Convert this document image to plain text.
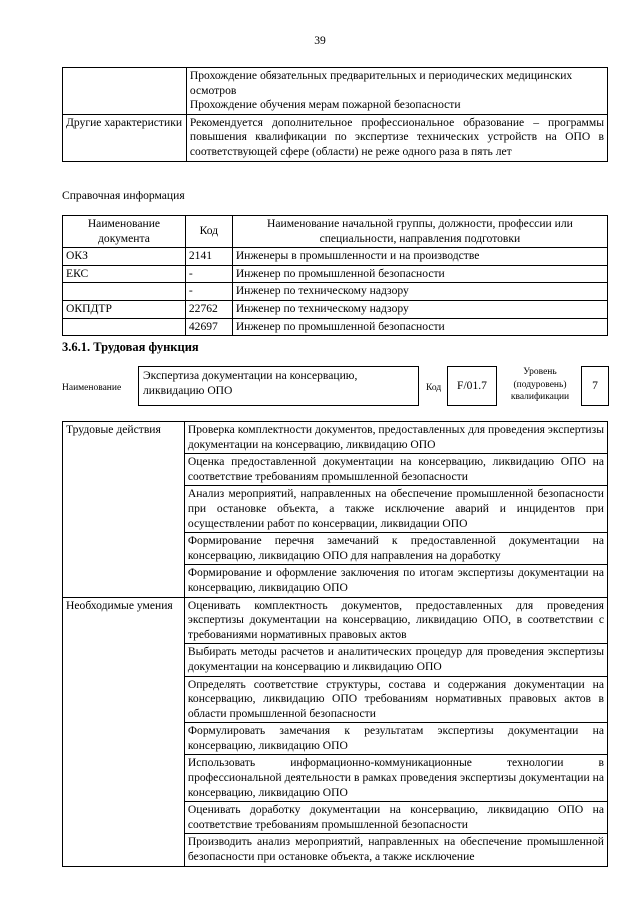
39

	Прохождение обязательных предварительных и периодических медицинских осмотров
Прохождение обучения мерам пожарной безопасности

Другие характеристики	Рекомендуется дополнительное профессиональное образование – программы повышения квалификации по экспертизе технических устройств на ОПО в соответствующей сфере (области) не реже одного раза в пять лет
Справочная информация
Наименование документа	Код	Наименование начальной группы, должности, профессии или специальности, направления подготовки
ОКЗ	2141	Инженеры в промышленности и на производстве
ЕКС	-	Инженер по промышленной безопасности
	-	Инженер по техническому надзору
ОКПДТР	22762	Инженер по техническому надзору
	42697	Инженер по промышленной безопасности
3.6.1. Трудовая функция
Наименование
Экспертиза документации на консервацию, ликвидацию ОПО	Код	F/01.7
Уровень (подуровень) квалификации
7
Трудовые действия	Проверка комплектности документов, предоставленных для проведения экспертизы документации на консервацию, ликвидацию ОПО
	Оценка предоставленной документации на консервацию, ликвидацию ОПО на соответствие требованиям промышленной безопасности
	Анализ мероприятий, направленных на обеспечение промышленной безопасности при остановке объекта, а также исключение аварий и инцидентов при осуществлении работ по консервации, ликвидации ОПО
	Формирование перечня замечаний к предоставленной документации на консервацию, ликвидацию ОПО для направления на доработку
	Формирование и оформление заключения по итогам экспертизы документации на консервацию, ликвидацию ОПО
Необходимые умения	Оценивать комплектность документов, предоставленных для проведения экспертизы документации на консервацию, ликвидацию ОПО, в соответствии с требованиями нормативных правовых актов
	Выбирать методы расчетов и аналитических процедур для проведения экспертизы документации на консервацию и ликвидацию ОПО
	Определять соответствие структуры, состава и содержания документации на консервацию, ликвидацию ОПО требованиям нормативных правовых актов в области промышленной безопасности
	Формулировать замечания к результатам экспертизы документации на консервацию, ликвидацию ОПО
	Использовать информационно-коммуникационные технологии в профессиональной деятельности в рамках проведения экспертизы документации на консервацию, ликвидацию ОПО
	Оценивать доработку документации на консервацию, ликвидацию ОПО на соответствие требованиям промышленной безопасности
	Производить анализ мероприятий, направленных на обеспечение промышленной безопасности при остановке объекта, а также исключение
